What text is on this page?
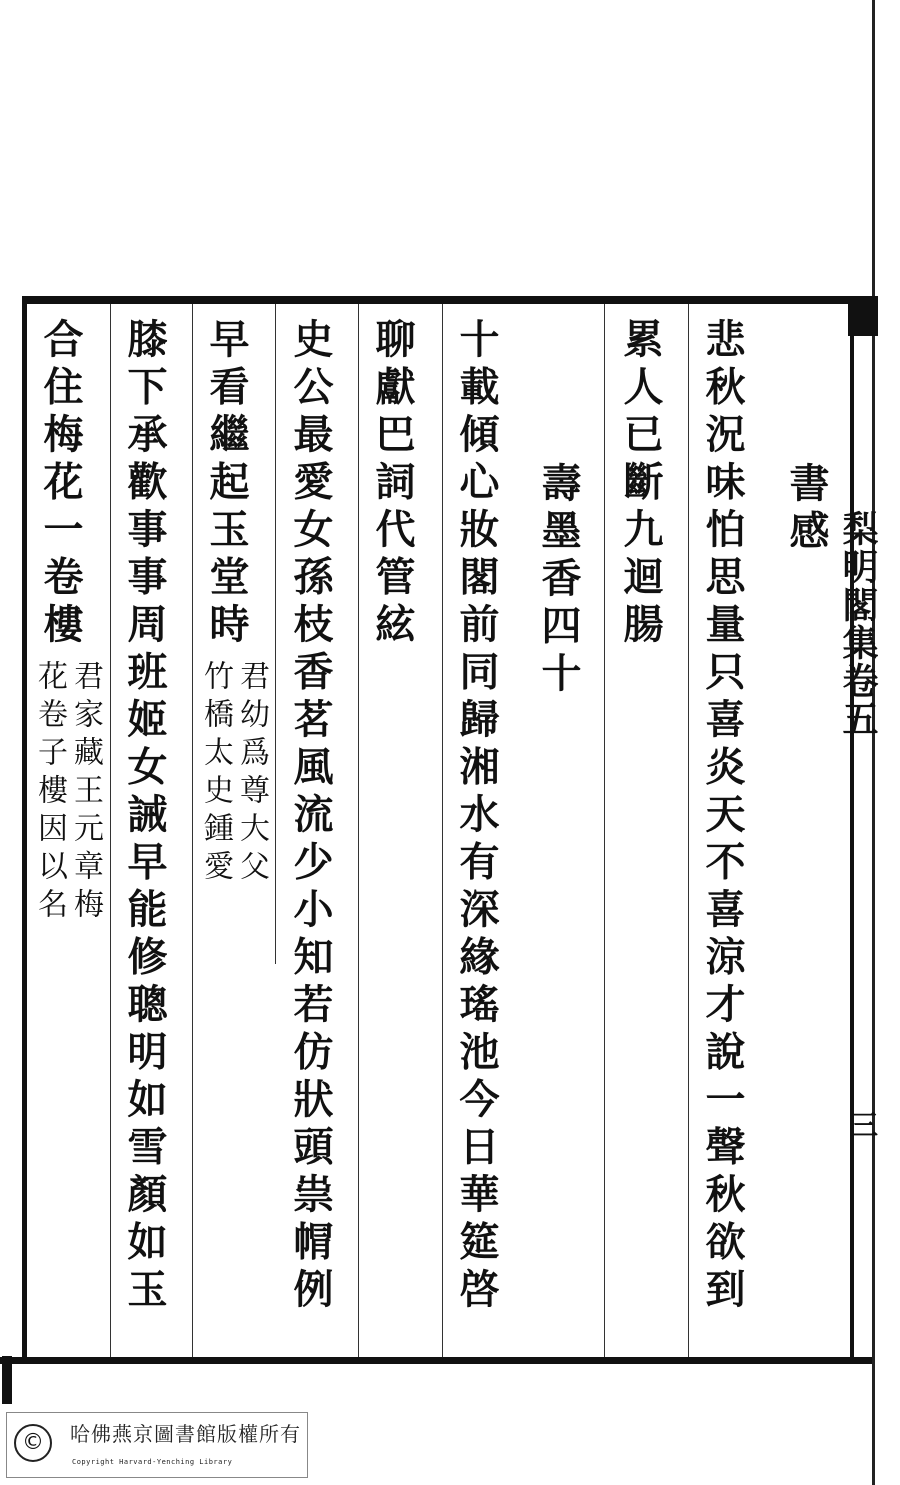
梨明閣集卷五
三
書感
悲秋況味怕思量只喜炎天不喜涼才說一聲秋欲到
累人已斷九迴腸
壽墨香四十
十載傾心妝閣前同歸湘水有深緣瑤池今日華筵啓
聊獻巴詞代管絃
史公最愛女孫枝香茗風流少小知若仿狀頭祟㡌例
早看繼起玉堂時
君幼爲尊大父
竹橋太史鍾愛
膝下承歡事事周班姬女誡早能修聰明如雪顏如玉
合住梅花一卷樓
君家藏王元章梅
花卷子樓因以名
©	哈佛燕京圖書館版權所有
Copyright Harvard-Yenching Library
